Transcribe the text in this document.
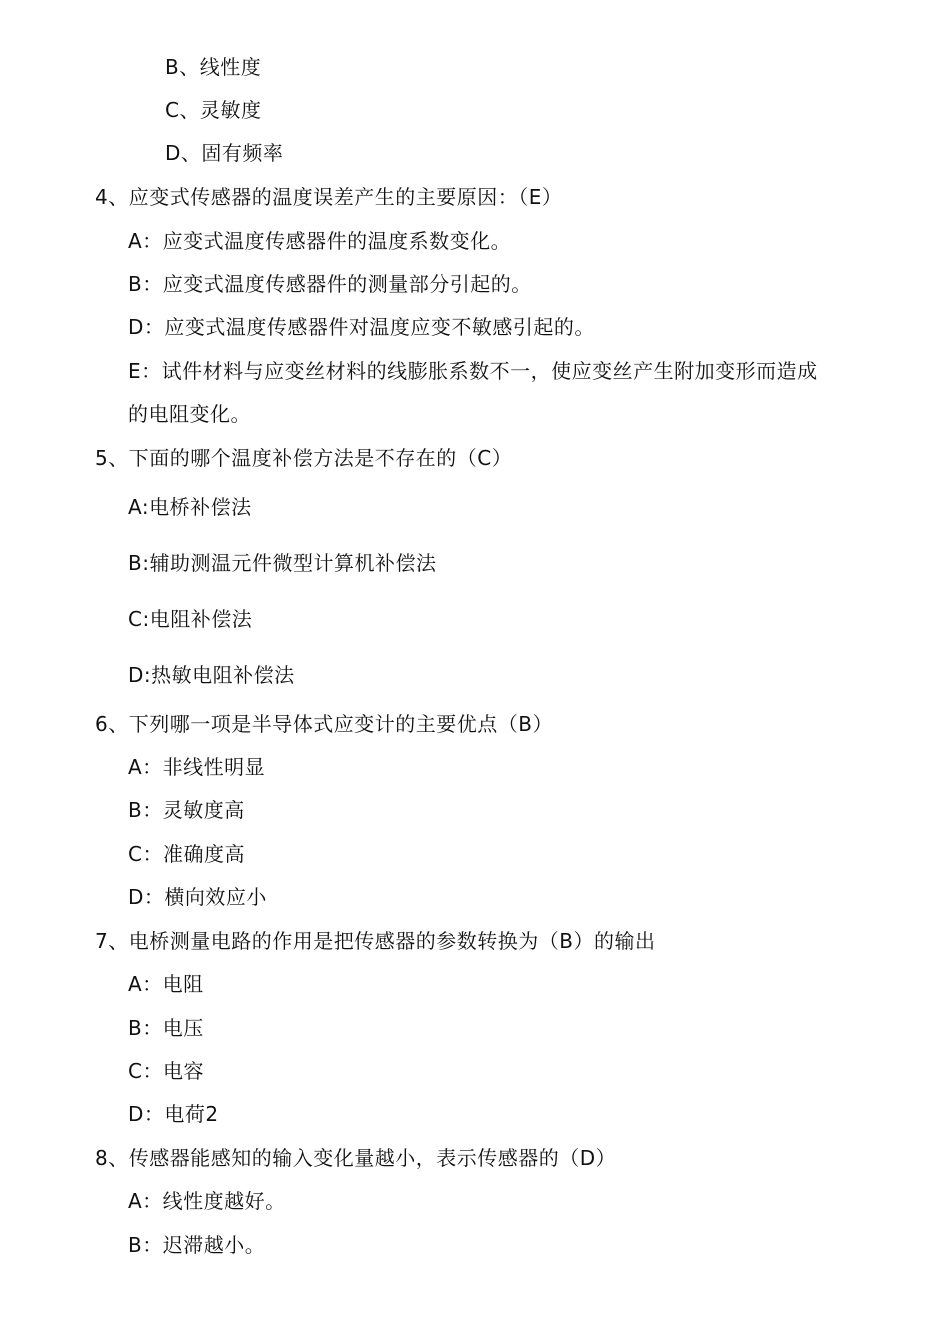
B、线性度
C、灵敏度
D、固有频率
4、应变式传感器的温度误差产生的主要原因：（E）
A：应变式温度传感器件的温度系数变化。
B：应变式温度传感器件的测量部分引起的。
D：应变式温度传感器件对温度应变不敏感引起的。
E：试件材料与应变丝材料的线膨胀系数不一，使应变丝产生附加变形而造成
的电阻变化。
5、下面的哪个温度补偿方法是不存在的（C）
A:电桥补偿法
B:辅助测温元件微型计算机补偿法
C:电阻补偿法
D:热敏电阻补偿法
6、下列哪一项是半导体式应变计的主要优点（B）
A：非线性明显
B：灵敏度高
C：准确度高
D：横向效应小
7、电桥测量电路的作用是把传感器的参数转换为（B）的输出
A：电阻
B：电压
C：电容
D：电荷2
8、传感器能感知的输入变化量越小，表示传感器的（D）
A：线性度越好。
B：迟滞越小。
